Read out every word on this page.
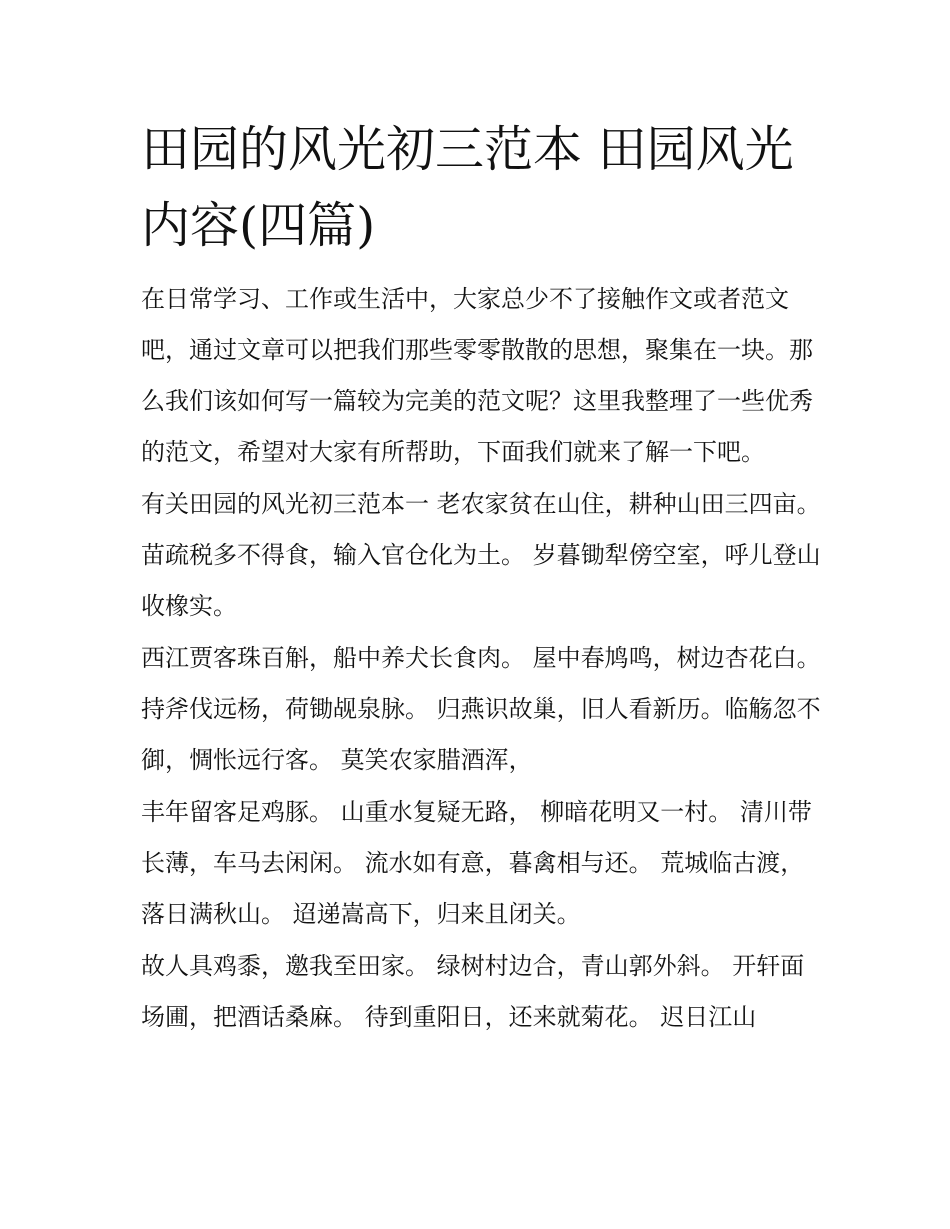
田园的风光初三范本 田园风光内容(四篇)

在日常学习、工作或生活中，大家总少不了接触作文或者范文吧，通过文章可以把我们那些零零散散的思想，聚集在一块。那么我们该如何写一篇较为完美的范文呢？这里我整理了一些优秀的范文，希望对大家有所帮助，下面我们就来了解一下吧。

有关田园的风光初三范本一 老农家贫在山住，耕种山田三四亩。 苗疏税多不得食，输入官仓化为土。 岁暮锄犁傍空室，呼儿登山收橡实。

西江贾客珠百斛，船中养犬长食肉。 屋中春鸠鸣，树边杏花白。 持斧伐远杨，荷锄觇泉脉。 归燕识故巢，旧人看新历。临觞忽不御，惆怅远行客。 莫笑农家腊酒浑，

丰年留客足鸡豚。 山重水复疑无路， 柳暗花明又一村。 清川带长薄，车马去闲闲。 流水如有意，暮禽相与还。 荒城临古渡，落日满秋山。 迢递嵩高下，归来且闭关。

故人具鸡黍，邀我至田家。 绿树村边合，青山郭外斜。 开轩面场圃，把酒话桑麻。 待到重阳日，还来就菊花。 迟日江山
